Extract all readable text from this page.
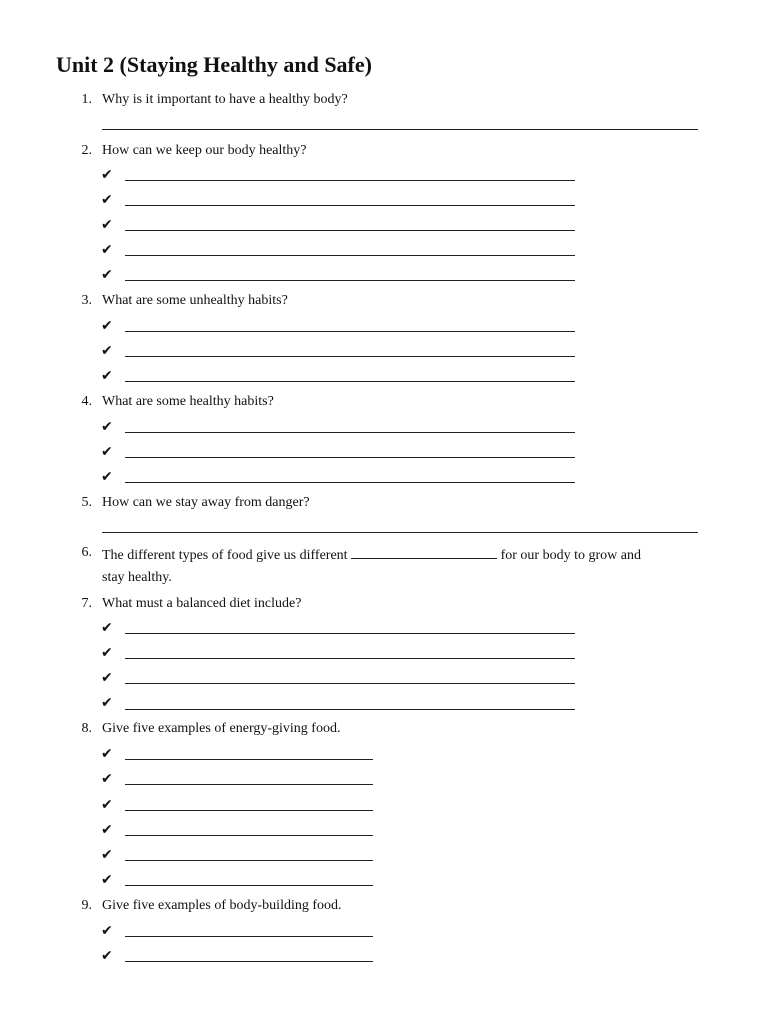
Unit 2 (Staying Healthy and Safe)
1. Why is it important to have a healthy body?
2. How can we keep our body healthy?
✔
✔
✔
✔
✔
3. What are some unhealthy habits?
✔
✔
✔
4. What are some healthy habits?
✔
✔
✔
5. How can we stay away from danger?
6. The different types of food give us different	for our body to grow and
stay healthy.
7. What must a balanced diet include?
✔
✔
✔
✔
8. Give five examples of energy-giving food.
✔
✔
✔
✔
✔
✔
9. Give five examples of body-building food.
✔
✔
